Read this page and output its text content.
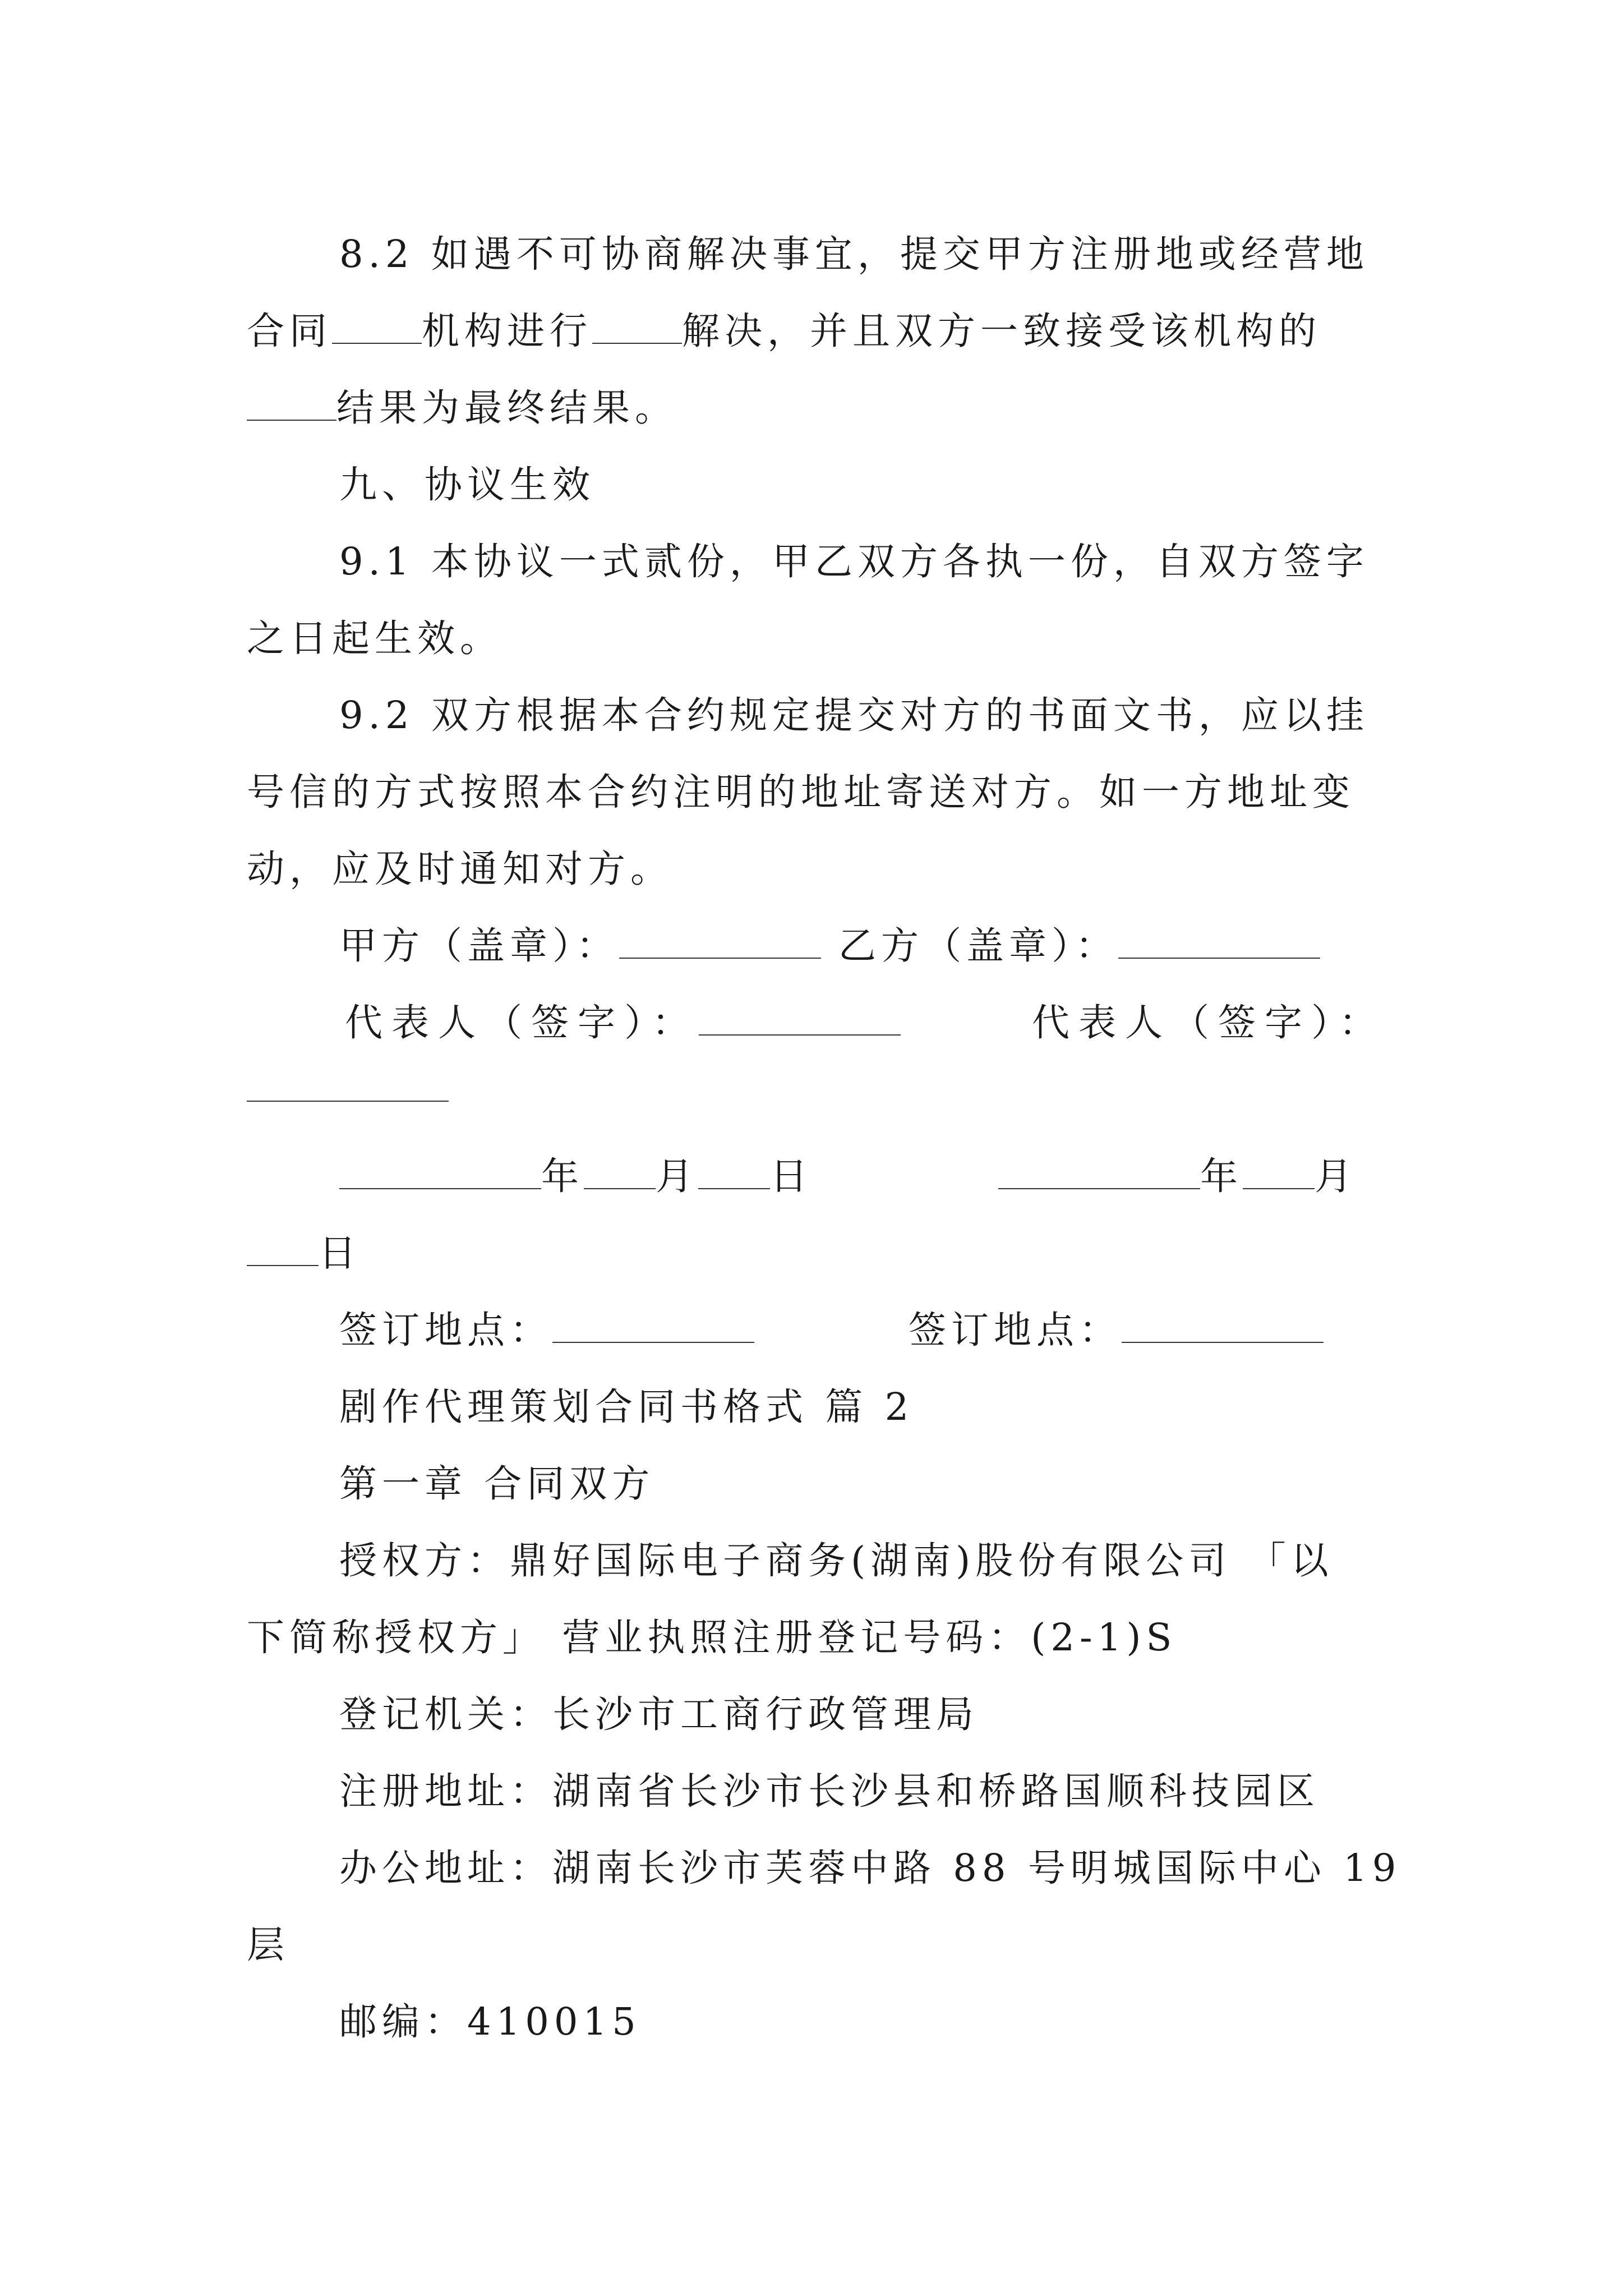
8.2 如遇不可协商解决事宜，提交甲方注册地或经营地
合同 机构进行 解决，并且双方一致接受该机构的
结果为最终结果。
九、协议生效
9.1 本协议一式贰份，甲乙双方各执一份，自双方签字
之日起生效。
9.2 双方根据本合约规定提交对方的书面文书，应以挂
号信的方式按照本合约注明的地址寄送对方。如一方地址变
动，应及时通知对方。
甲方（盖章）：	乙方（盖章）：
代表人（签字）：	代表人（签字）：
年 月 日	年 月
日
签订地点：	签订地点：
剧作代理策划合同书格式 篇 2
第一章 合同双方
授权方：鼎好国际电子商务(湖南)股份有限公司 「以
下简称授权方」 营业执照注册登记号码：(2-1)S
登记机关：长沙市工商行政管理局
注册地址：湖南省长沙市长沙县和桥路国顺科技园区
办公地址：湖南长沙市芙蓉中路 88 号明城国际中心 19
层
邮编：410015
